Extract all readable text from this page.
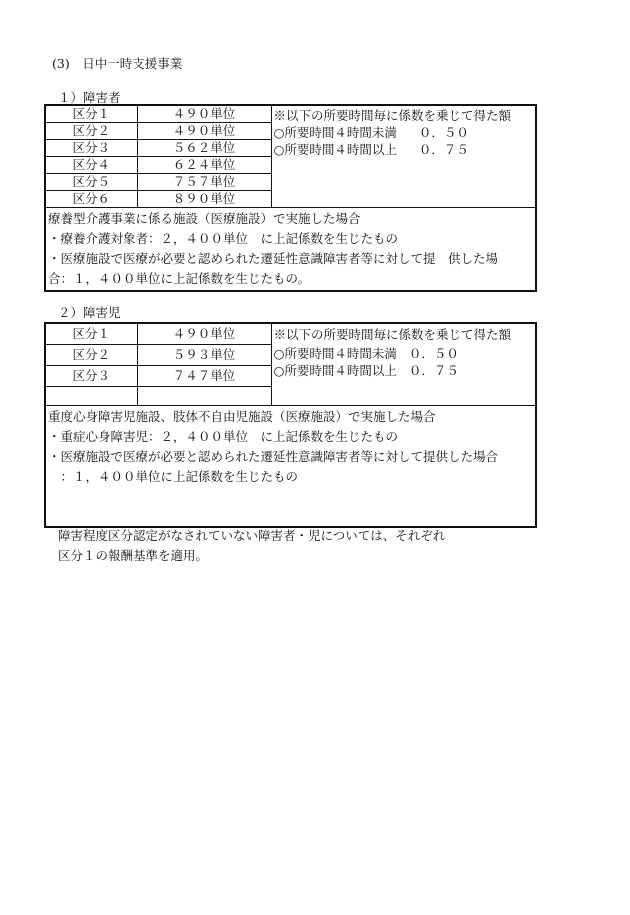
(3)　日中一時支援事業
１）障害者
区分１	４９０単位	※以下の所要時間毎に係数を乗じて得た額
○所要時間４時間未満 ０．５０
○所要時間４時間以上 ０．７５

区分２	４９０単位	
区分３	５６２単位	
区分４	６２４単位	
区分５	７５７単位	
区分６	８９０単位	

療養型介護事業に係る施設（医療施設）で実施した場合
・療養介護対象者：２，４００単位　に上記係数を生じたもの
・医療施設で医療が必要と認められた遷延性意識障害者等に対して提　供した場
合：１，４００単位に上記係数を生じたもの。		
２）障害児
区分１	４９０単位	※以下の所要時間毎に係数を乗じて得た額
○所要時間４時間未満 ０．５０
○所要時間４時間以上 ０．７５

区分２	５９３単位	
区分３	７４７単位	

重度心身障害児施設、肢体不自由児施設（医療施設）で実施した場合
・重症心身障害児：２，４００単位　に上記係数を生じたもの
・医療施設で医療が必要と認められた遷延性意識障害者等に対して提供した場合
　：１，４００単位に上記係数を生じたもの		
障害程度区分認定がなされていない障害者・児については、それぞれ
区分１の報酬基準を適用。
